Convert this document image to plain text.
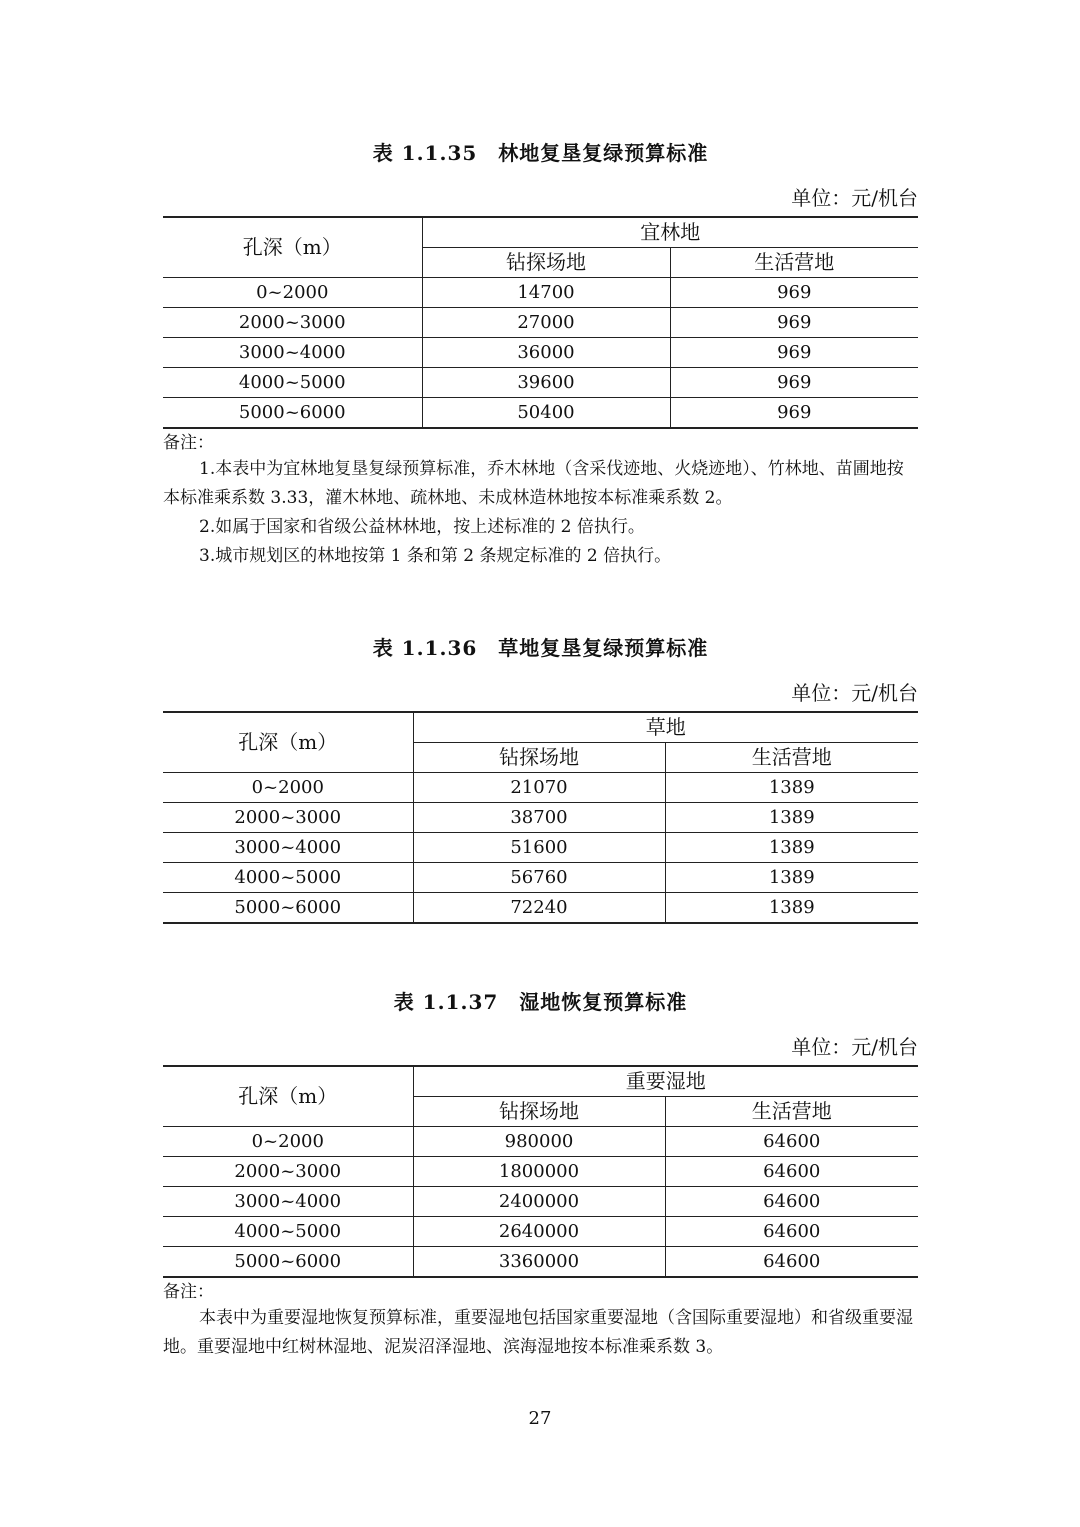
表 1.1.35　林地复垦复绿预算标准
单位：元/机台
孔深（m）	宜林地	
	钻探场地	生活营地
0~2000	14700	969
2000~3000	27000	969
3000~4000	36000	969
4000~5000	39600	969
5000~6000	50400	969
备注：
1.本表中为宜林地复垦复绿预算标准，乔木林地（含采伐迹地、火烧迹地）、竹林地、苗圃地按本标准乘系数 3.33，灌木林地、疏林地、未成林造林地按本标准乘系数 2。
2.如属于国家和省级公益林林地，按上述标准的 2 倍执行。
3.城市规划区的林地按第 1 条和第 2 条规定标准的 2 倍执行。
表 1.1.36　草地复垦复绿预算标准
单位：元/机台
孔深（m）	草地	
	钻探场地	生活营地
0~2000	21070	1389
2000~3000	38700	1389
3000~4000	51600	1389
4000~5000	56760	1389
5000~6000	72240	1389
表 1.1.37　湿地恢复预算标准
单位：元/机台
孔深（m）	重要湿地	
	钻探场地	生活营地
0~2000	980000	64600
2000~3000	1800000	64600
3000~4000	2400000	64600
4000~5000	2640000	64600
5000~6000	3360000	64600
备注：
本表中为重要湿地恢复预算标准，重要湿地包括国家重要湿地（含国际重要湿地）和省级重要湿地。重要湿地中红树林湿地、泥炭沼泽湿地、滨海湿地按本标准乘系数 3。
27
